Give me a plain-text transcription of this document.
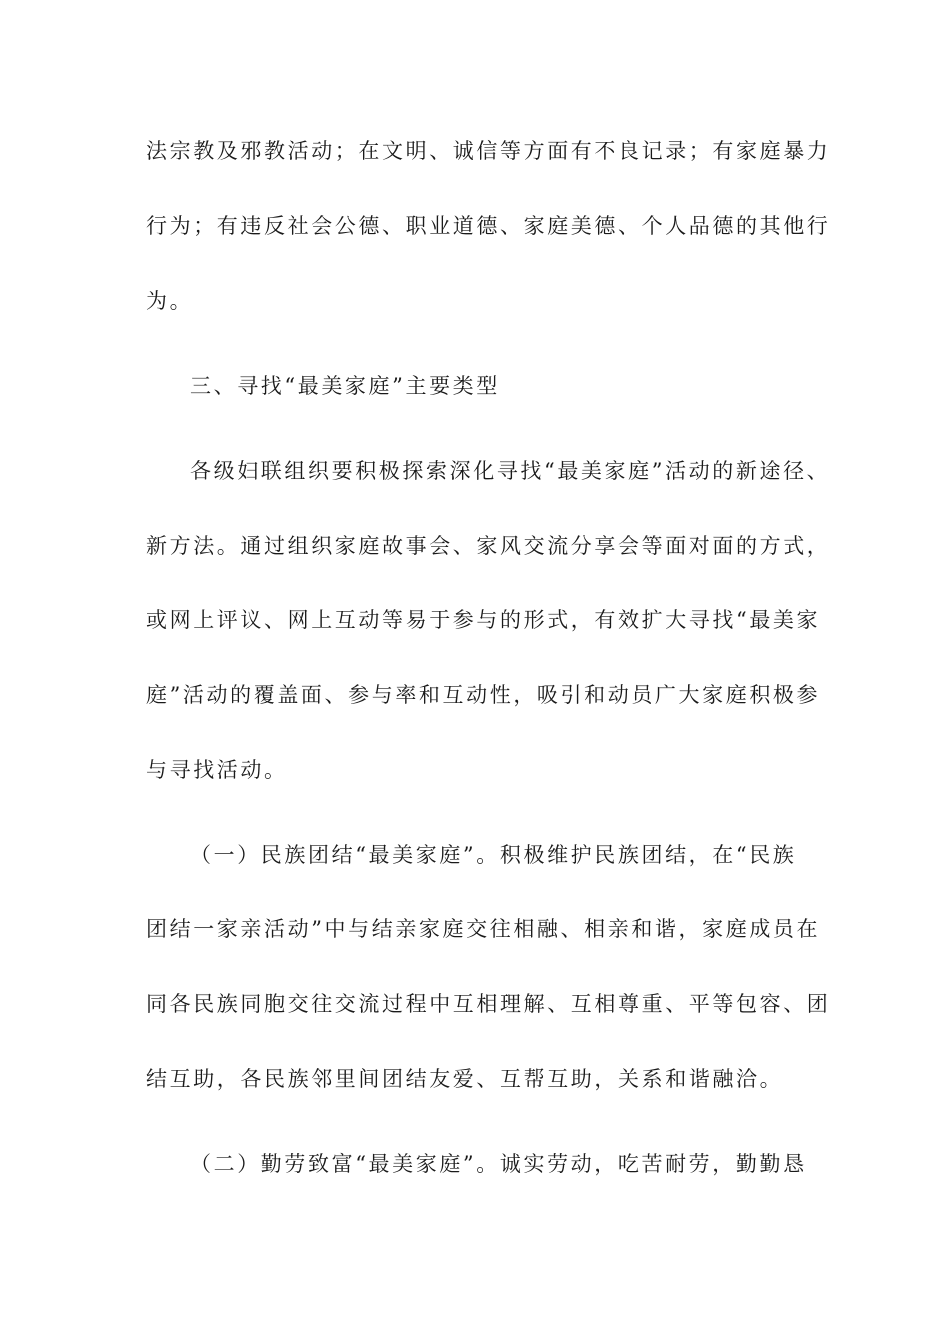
法宗教及邪教活动；在文明、诚信等方面有不良记录；有家庭暴力
行为；有违反社会公德、职业道德、家庭美德、个人品德的其他行
为。
三、寻找“最美家庭”主要类型
各级妇联组织要积极探索深化寻找“最美家庭”活动的新途径、
新方法。通过组织家庭故事会、家风交流分享会等面对面的方式，
或网上评议、网上互动等易于参与的形式，有效扩大寻找“最美家
庭”活动的覆盖面、参与率和互动性，吸引和动员广大家庭积极参
与寻找活动。
（一）民族团结“最美家庭”。积极维护民族团结，在“民族
团结一家亲活动”中与结亲家庭交往相融、相亲和谐，家庭成员在
同各民族同胞交往交流过程中互相理解、互相尊重、平等包容、团
结互助，各民族邻里间团结友爱、互帮互助，关系和谐融洽。
（二）勤劳致富“最美家庭”。诚实劳动，吃苦耐劳，勤勤恳
